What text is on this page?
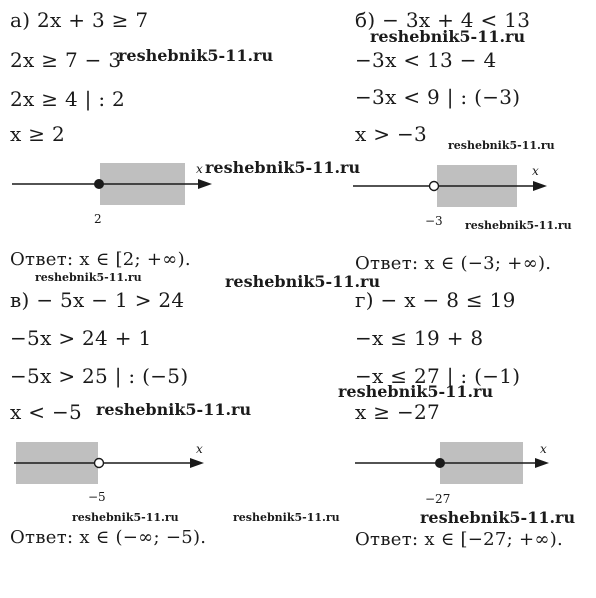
а) 2x + 3 ≥ 7
2x ≥ 7 − 3
2x ≥ 4 | : 2
x ≥ 2
x
2
Ответ: x ∈ [2; +∞).
б) − 3x + 4 < 13
−3x < 13 − 4
−3x < 9 | : (−3)
x > −3
x
−3
Ответ: x ∈ (−3; +∞).
в) − 5x − 1 > 24
−5x > 24 + 1
−5x > 25 | : (−5)
x < −5
x
−5
Ответ: x ∈ (−∞; −5).
г) − x − 8 ≤ 19
−x ≤ 19 + 8
−x ≤ 27 | : (−1)
x ≥ −27
x
−27
Ответ: x ∈ [−27; +∞).
reshebnik5-11.ru
reshebnik5-11.ru
reshebnik5-11.ru
reshebnik5-11.ru
reshebnik5-11.ru
reshebnik5-11.ru	reshebnik5-11.ru
reshebnik5-11.ru
reshebnik5-11.ru
reshebnik5-11.ru
reshebnik5-11.ru	reshebnik5-11.ru
